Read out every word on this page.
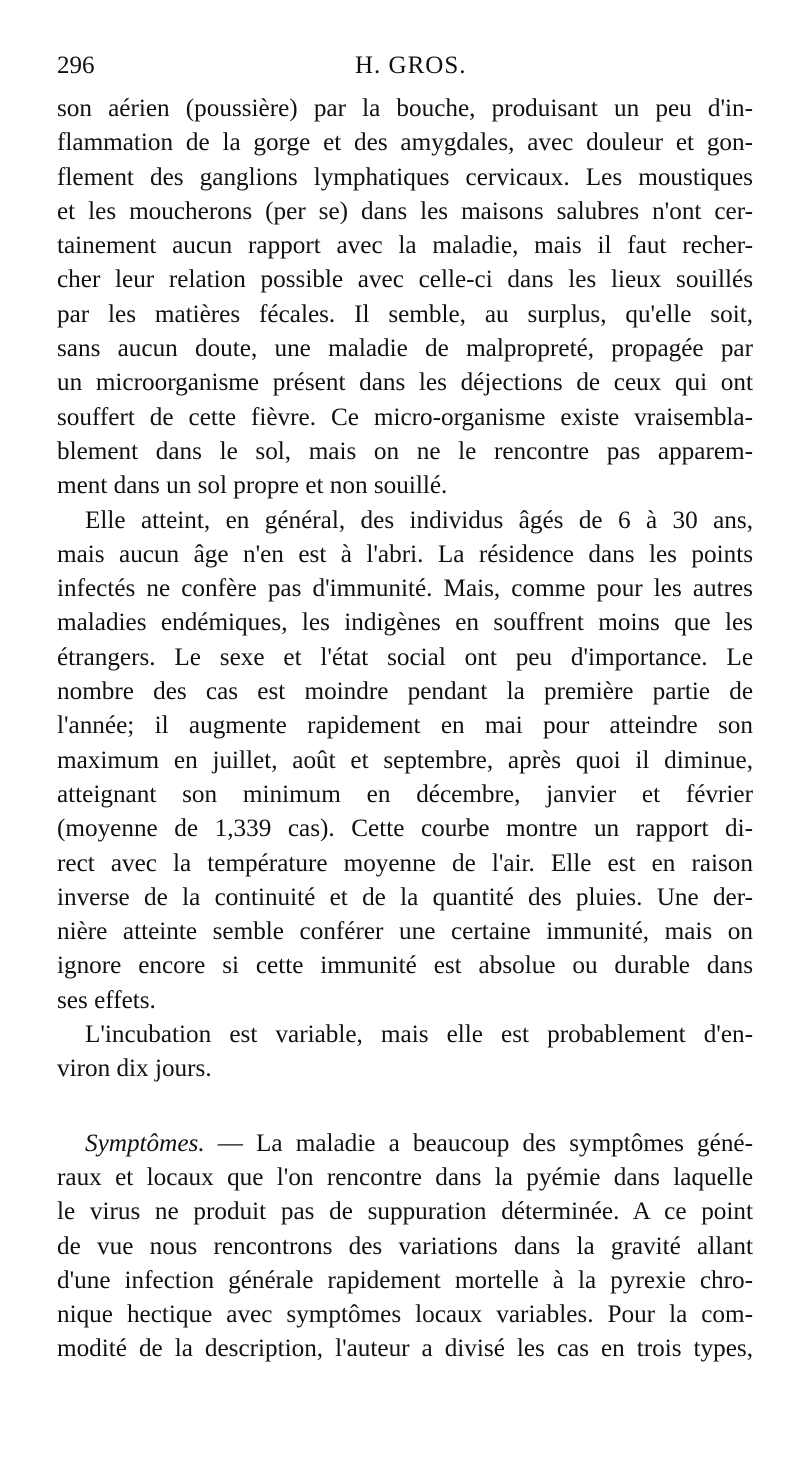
296	H. GROS.
son aérien (poussière) par la bouche, produisant un peu d'in-
flammation de la gorge et des amygdales, avec douleur et gon-
flement des ganglions lymphatiques cervicaux. Les moustiques
et les moucherons (per se) dans les maisons salubres n'ont cer-
tainement aucun rapport avec la maladie, mais il faut recher-
cher leur relation possible avec celle-ci dans les lieux souillés
par les matières fécales. Il semble, au surplus, qu'elle soit,
sans aucun doute, une maladie de malpropreté, propagée par
un microorganisme présent dans les déjections de ceux qui ont
souffert de cette fièvre. Ce micro-organisme existe vraisembla-
blement dans le sol, mais on ne le rencontre pas apparem-
ment dans un sol propre et non souillé.
Elle atteint, en général, des individus âgés de 6 à 30 ans,
mais aucun âge n'en est à l'abri. La résidence dans les points
infectés ne confère pas d'immunité. Mais, comme pour les autres
maladies endémiques, les indigènes en souffrent moins que les
étrangers. Le sexe et l'état social ont peu d'importance. Le
nombre des cas est moindre pendant la première partie de
l'année; il augmente rapidement en mai pour atteindre son
maximum en juillet, août et septembre, après quoi il diminue,
atteignant son minimum en décembre, janvier et février
(moyenne de 1,339 cas). Cette courbe montre un rapport di-
rect avec la température moyenne de l'air. Elle est en raison
inverse de la continuité et de la quantité des pluies. Une der-
nière atteinte semble conférer une certaine immunité, mais on
ignore encore si cette immunité est absolue ou durable dans
ses effets.
L'incubation est variable, mais elle est probablement d'en-
viron dix jours.
Symptômes. — La maladie a beaucoup des symptômes géné-
raux et locaux que l'on rencontre dans la pyémie dans laquelle
le virus ne produit pas de suppuration déterminée. A ce point
de vue nous rencontrons des variations dans la gravité allant
d'une infection générale rapidement mortelle à la pyrexie chro-
nique hectique avec symptômes locaux variables. Pour la com-
modité de la description, l'auteur a divisé les cas en trois types,
